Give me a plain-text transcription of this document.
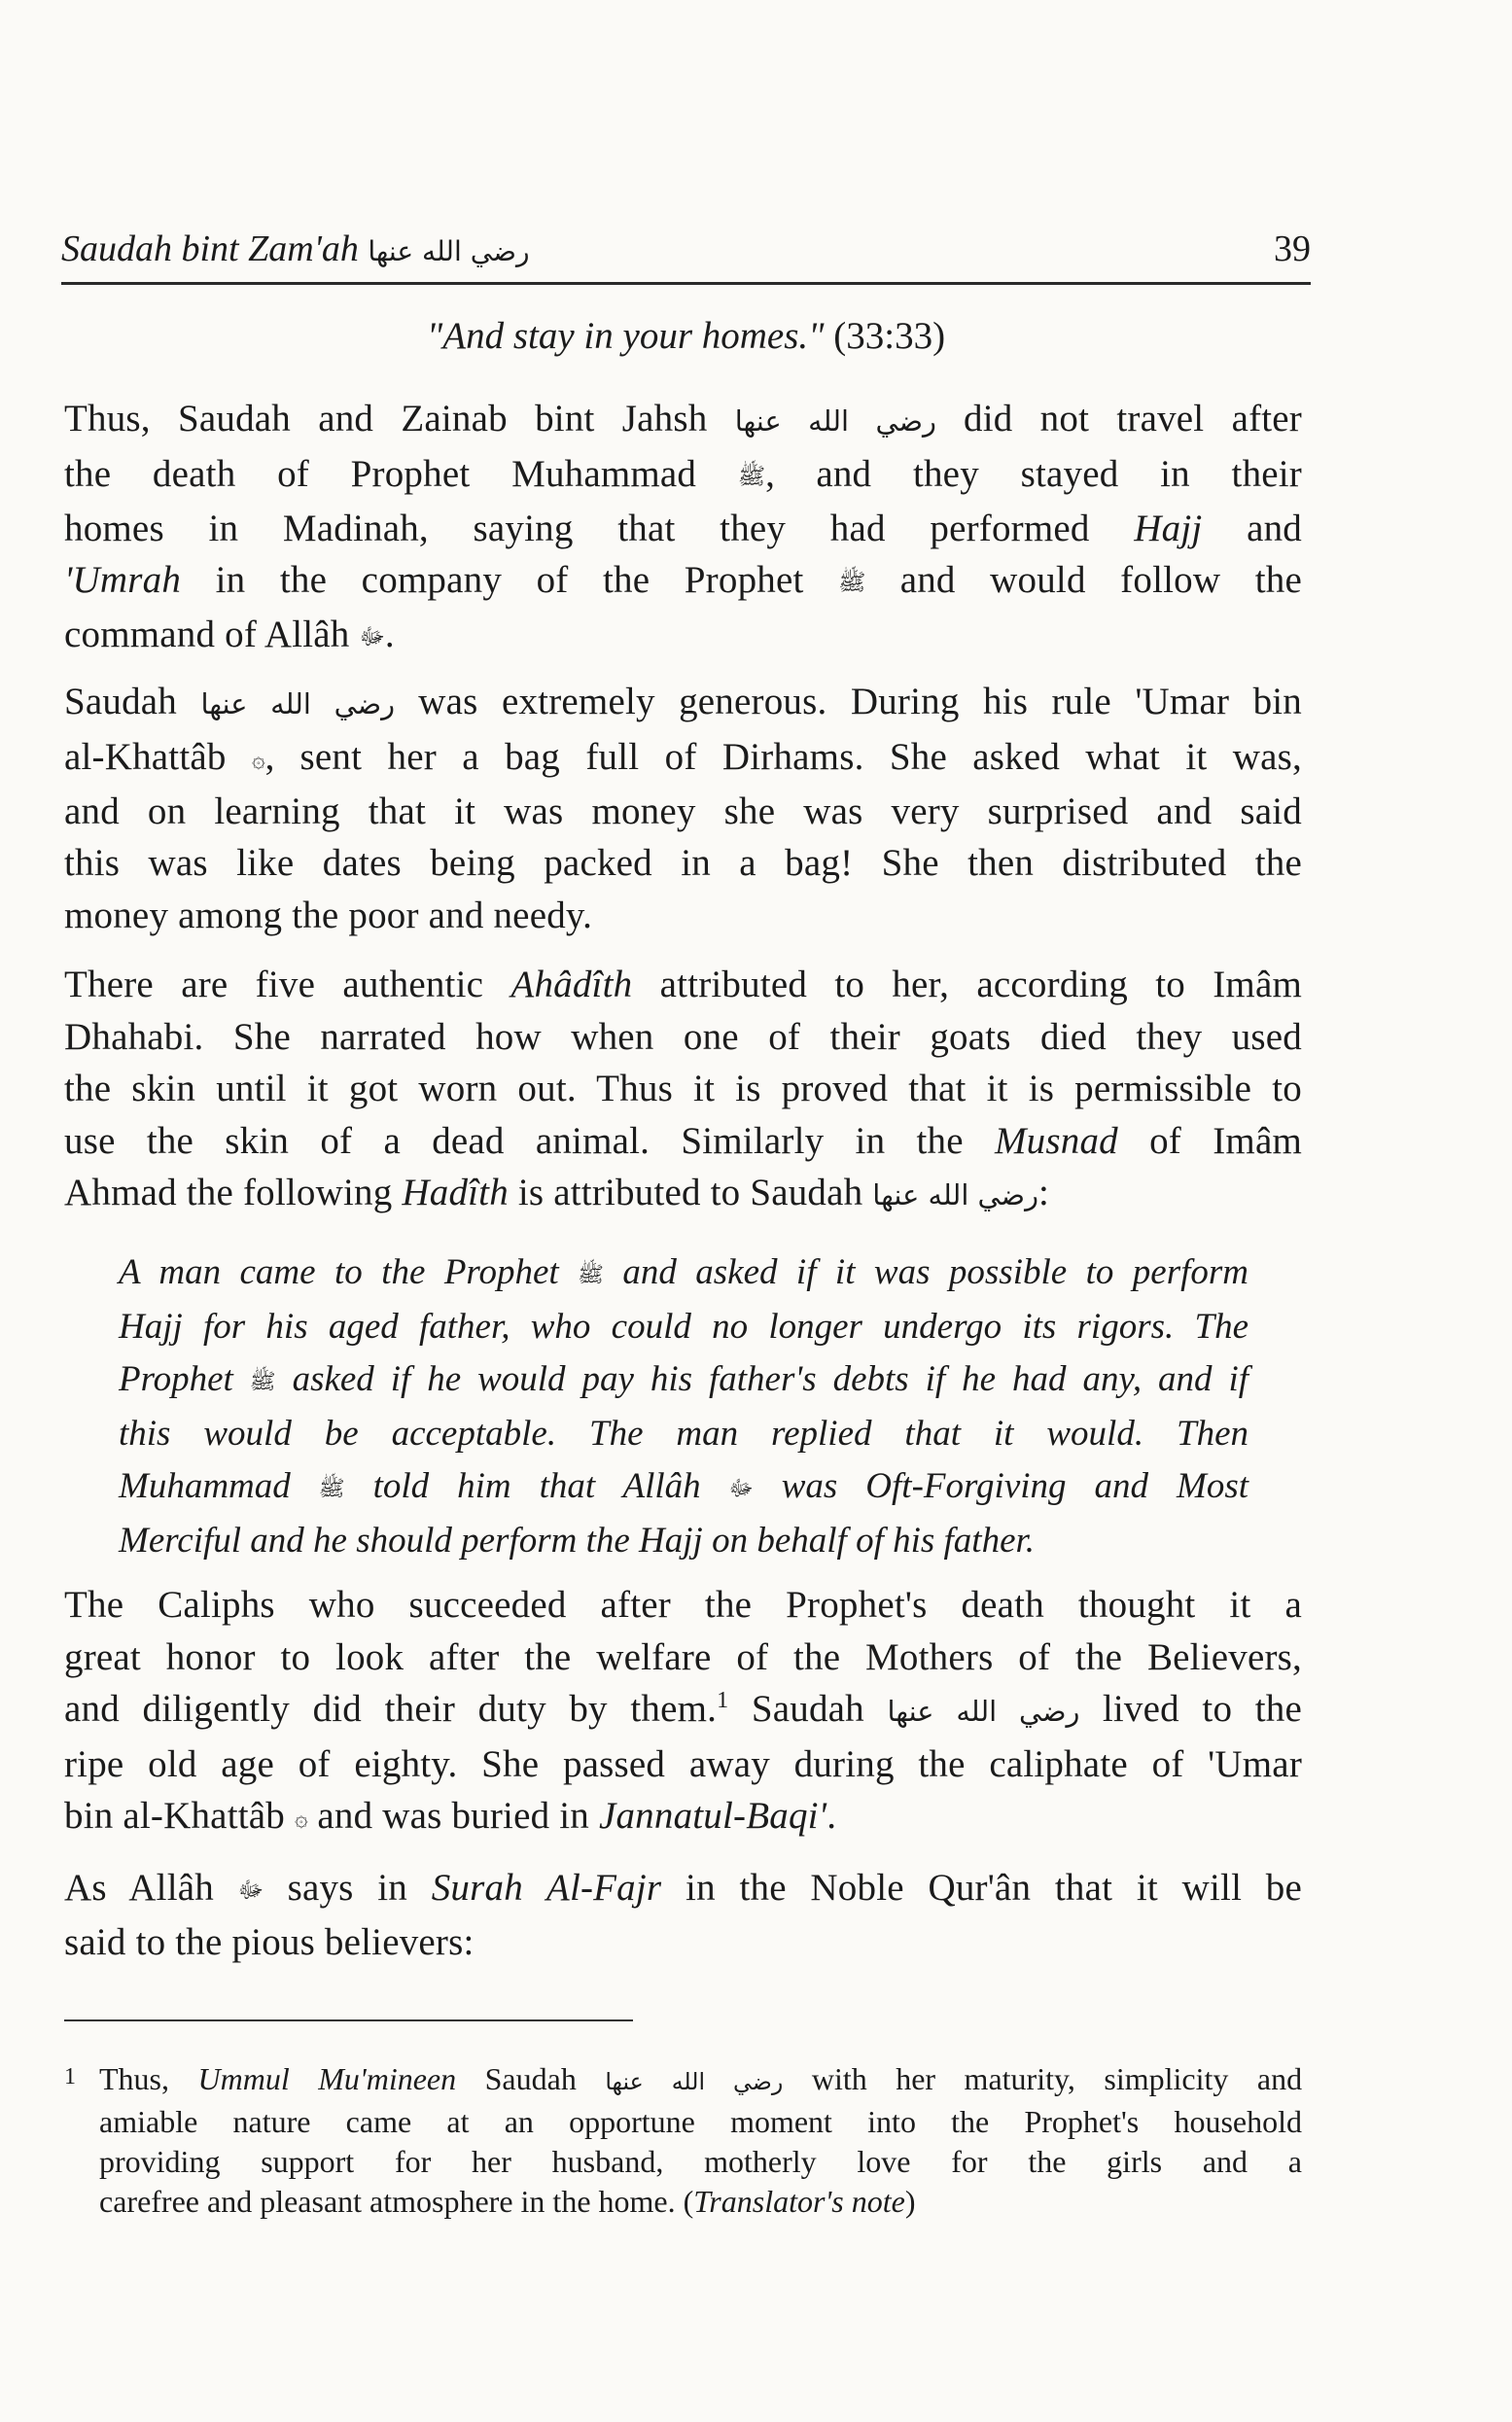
Saudah bint Zam'ah رضي الله عنها	39
"And stay in your homes." (33:33)

Thus, Saudah and Zainab bint Jahsh رضي الله عنها did not travel after
the death of Prophet Muhammad ﷺ, and they stayed in their
homes in Madinah, saying that they had performed Hajj and
'Umrah in the company of the Prophet ﷺ and would follow the
command of Allâh ﷻ.

Saudah رضي الله عنها was extremely generous. During his rule 'Umar bin
al-Khattâb ۞, sent her a bag full of Dirhams. She asked what it was,
and on learning that it was money she was very surprised and said
this was like dates being packed in a bag! She then distributed the
money among the poor and needy.

There are five authentic Ahâdîth attributed to her, according to Imâm
Dhahabi. She narrated how when one of their goats died they used
the skin until it got worn out. Thus it is proved that it is permissible to
use the skin of a dead animal. Similarly in the Musnad of Imâm
Ahmad the following Hadîth is attributed to Saudah رضي الله عنها:

A man came to the Prophet ﷺ and asked if it was possible to perform
Hajj for his aged father, who could no longer undergo its rigors. The
Prophet ﷺ asked if he would pay his father's debts if he had any, and if
this would be acceptable. The man replied that it would. Then
Muhammad ﷺ told him that Allâh ﷻ was Oft-Forgiving and Most
Merciful and he should perform the Hajj on behalf of his father.

The Caliphs who succeeded after the Prophet's death thought it a
great honor to look after the welfare of the Mothers of the Believers,
and diligently did their duty by them.$^1$ Saudah رضي الله عنها lived to the
ripe old age of eighty. She passed away during the caliphate of 'Umar
bin al-Khattâb ۞ and was buried in Jannatul-Baqi'.

As Allâh ﷻ says in Surah Al-Fajr in the Noble Qur'ân that it will be
said to the pious believers:

1 Thus, Ummul Mu'mineen Saudah رضي الله عنها with her maturity, simplicity and
amiable nature came at an opportune moment into the Prophet's household
providing support for her husband, motherly love for the girls and a
carefree and pleasant atmosphere in the home. (Translator's note)
